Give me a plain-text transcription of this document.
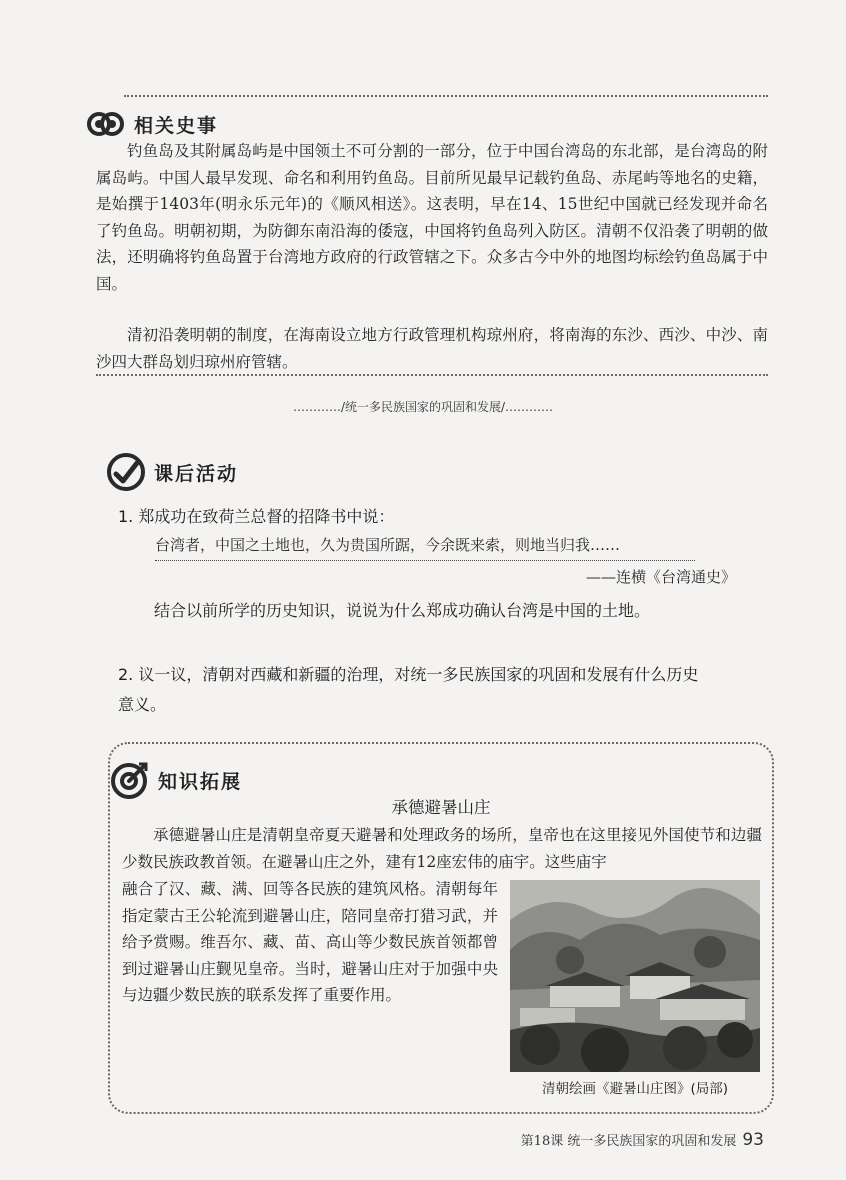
相关史事

钓鱼岛及其附属岛屿是中国领土不可分割的一部分，位于中国台湾岛的东北部，是台湾岛的附属岛屿。中国人最早发现、命名和利用钓鱼岛。目前所见最早记载钓鱼岛、赤尾屿等地名的史籍，是始撰于1403年(明永乐元年)的《顺风相送》。这表明，早在14、15世纪中国就已经发现并命名了钓鱼岛。明朝初期，为防御东南沿海的倭寇，中国将钓鱼岛列入防区。清朝不仅沿袭了明朝的做法，还明确将钓鱼岛置于台湾地方政府的行政管辖之下。众多古今中外的地图均标绘钓鱼岛属于中国。

清初沿袭明朝的制度，在海南设立地方行政管理机构琼州府，将南海的东沙、西沙、中沙、南沙四大群岛划归琼州府管辖。

…………/统一多民族国家的巩固和发展/…………
课后活动
1. 郑成功在致荷兰总督的招降书中说：
台湾者，中国之土地也，久为贵国所踞，今余既来索，则地当归我……
——连横《台湾通史》
结合以前所学的历史知识，说说为什么郑成功确认台湾是中国的土地。
2. 议一议，清朝对西藏和新疆的治理，对统一多民族国家的巩固和发展有什么历史
意义。
知识拓展
承德避暑山庄

承德避暑山庄是清朝皇帝夏天避暑和处理政务的场所，皇帝也在这里接见外国使节和边疆少数民族政教首领。在避暑山庄之外，建有12座宏伟的庙宇。这些庙宇

融合了汉、藏、满、回等各民族的建筑风格。清朝每年指定蒙古王公轮流到避暑山庄，陪同皇帝打猎习武，并给予赏赐。维吾尔、藏、苗、高山等少数民族首领都曾到过避暑山庄觐见皇帝。当时，避暑山庄对于加强中央与边疆少数民族的联系发挥了重要作用。

清朝绘画《避暑山庄图》(局部)
第18课 统一多民族国家的巩固和发展 93
